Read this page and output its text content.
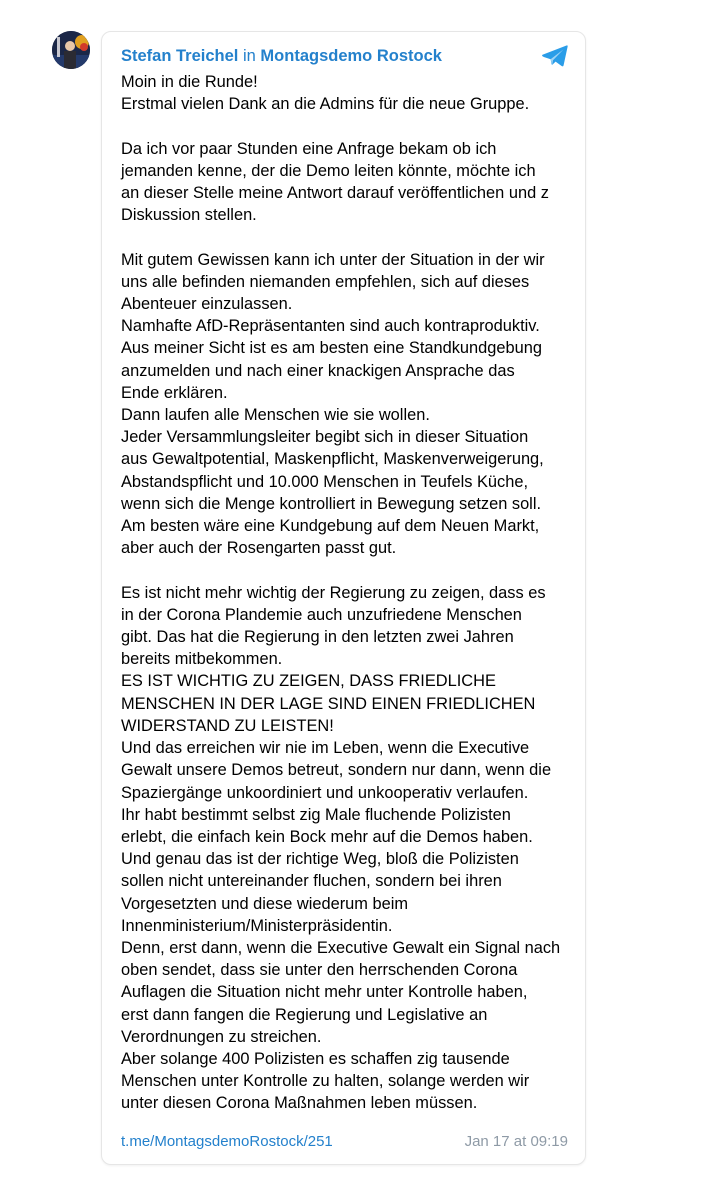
Stefan Treichel in Montagsdemo Rostock
Moin in die Runde!
Erstmal vielen Dank an die Admins für die neue Gruppe.

Da ich vor paar Stunden eine Anfrage bekam ob ich
jemanden kenne, der die Demo leiten könnte, möchte ich
an dieser Stelle meine Antwort darauf veröffentlichen und z
Diskussion stellen.

Mit gutem Gewissen kann ich unter der Situation in der wir
uns alle befinden niemanden empfehlen, sich auf dieses
Abenteuer einzulassen.
Namhafte AfD-Repräsentanten sind auch kontraproduktiv.
Aus meiner Sicht ist es am besten eine Standkundgebung
anzumelden und nach einer knackigen Ansprache das
Ende erklären.
Dann laufen alle Menschen wie sie wollen.
Jeder Versammlungsleiter begibt sich in dieser Situation
aus Gewaltpotential, Maskenpflicht, Maskenverweigerung,
Abstandspflicht und 10.000 Menschen in Teufels Küche,
wenn sich die Menge kontrolliert in Bewegung setzen soll.
Am besten wäre eine Kundgebung auf dem Neuen Markt,
aber auch der Rosengarten passt gut.

Es ist nicht mehr wichtig der Regierung zu zeigen, dass es
in der Corona Plandemie auch unzufriedene Menschen
gibt. Das hat die Regierung in den letzten zwei Jahren
bereits mitbekommen.
ES IST WICHTIG ZU ZEIGEN, DASS FRIEDLICHE
MENSCHEN IN DER LAGE SIND EINEN FRIEDLICHEN
WIDERSTAND ZU LEISTEN!
Und das erreichen wir nie im Leben, wenn die Executive
Gewalt unsere Demos betreut, sondern nur dann, wenn die
Spaziergänge unkoordiniert und unkooperativ verlaufen.
Ihr habt bestimmt selbst zig Male fluchende Polizisten
erlebt, die einfach kein Bock mehr auf die Demos haben.
Und genau das ist der richtige Weg, bloß die Polizisten
sollen nicht untereinander fluchen, sondern bei ihren
Vorgesetzten und diese wiederum beim
Innenministerium/Ministerpräsidentin.
Denn, erst dann, wenn die Executive Gewalt ein Signal nach
oben sendet, dass sie unter den herrschenden Corona
Auflagen die Situation nicht mehr unter Kontrolle haben,
erst dann fangen die Regierung und Legislative an
Verordnungen zu streichen.
Aber solange 400 Polizisten es schaffen zig tausende
Menschen unter Kontrolle zu halten, solange werden wir
unter diesen Corona Maßnahmen leben müssen.
t.me/MontagsdemoRostock/251	Jan 17 at 09:19
